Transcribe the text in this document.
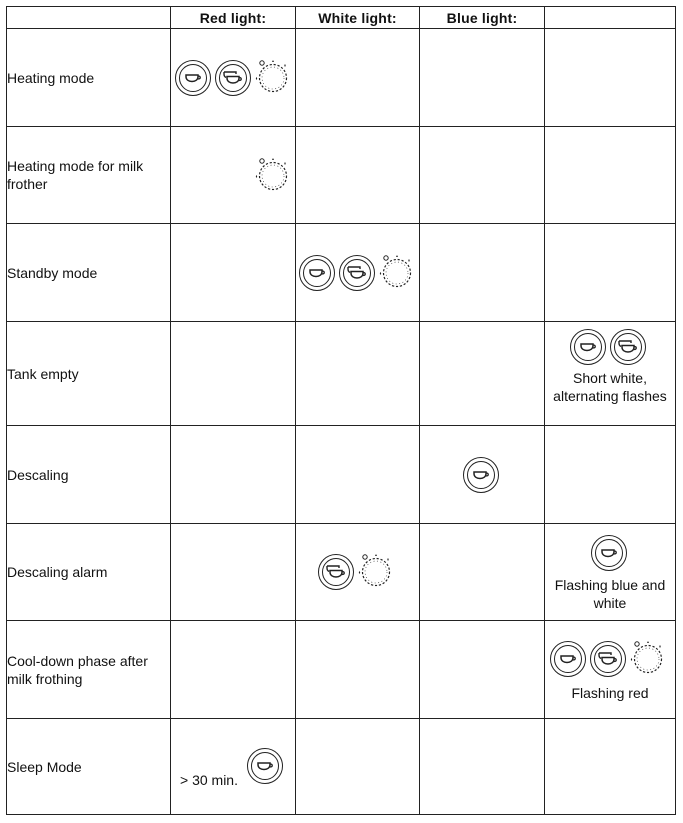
	Red light:	White light:	Blue light:	
Heating mode	

Heating mode for milk frother	

Standby mode		

Tank empty				Short white, alternating flashes

Descaling			

Descaling alarm				Flashing blue and white

Cool-down phase after milk frothing				Flashing red

Sleep Mode	> 30 min.			
